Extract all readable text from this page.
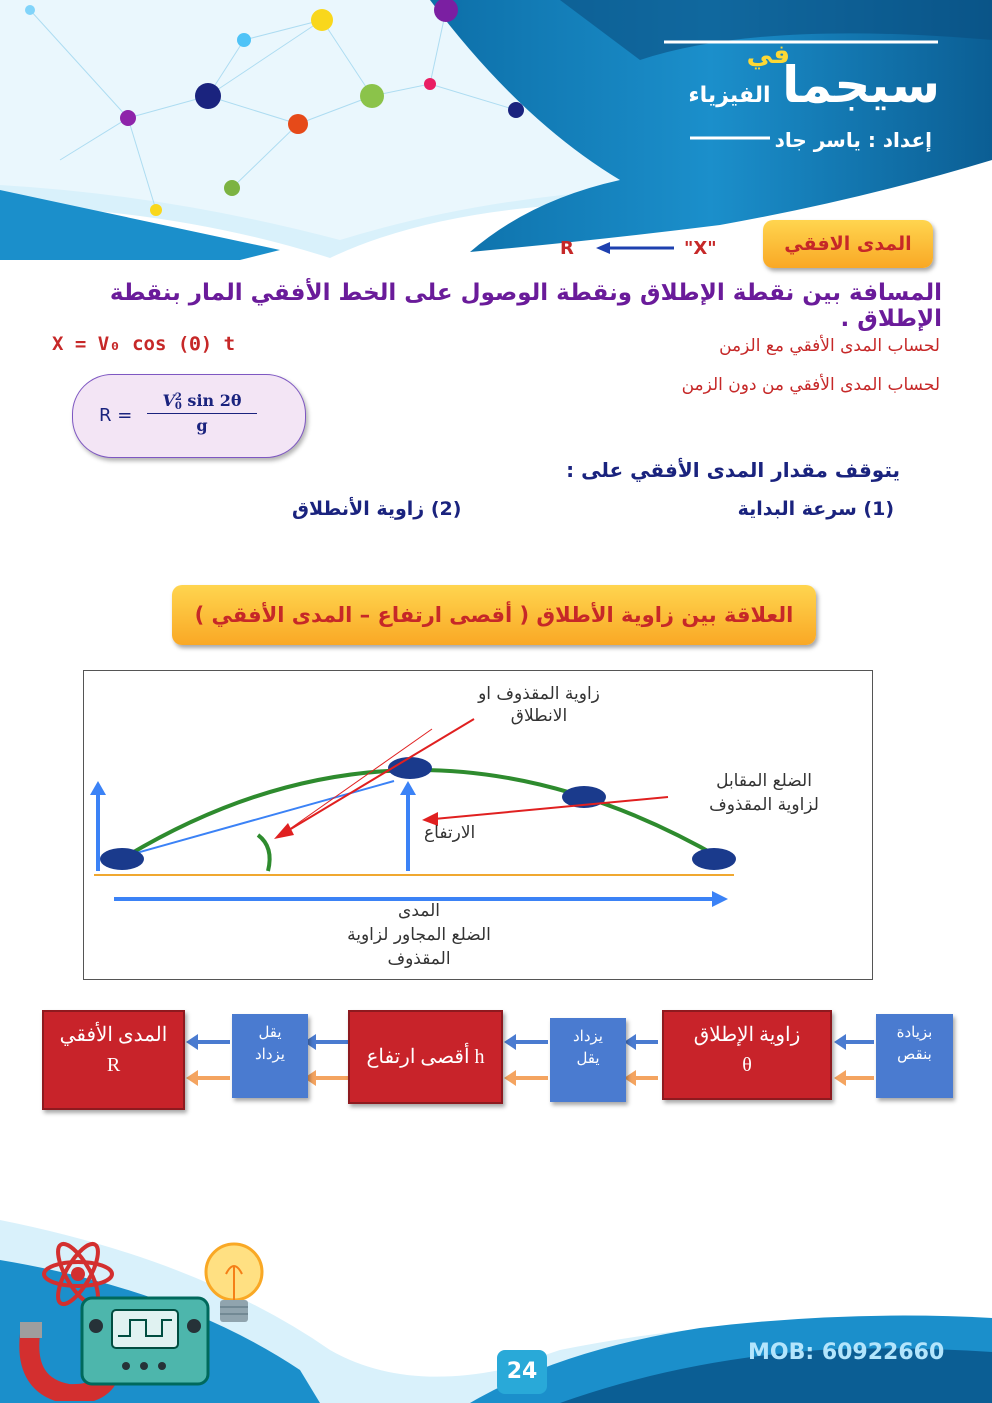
في
سيجما الفيزياء
إعداد : ياسر جاد
المدى الافقي
R	"X"
المسافة بين نقطة الإطلاق ونقطة الوصول على الخط الأفقي المار بنقطة الإطلاق .
X = V₀ cos (Θ) t	لحساب المدى الأفقي مع الزمن
لحساب المدى الأفقي من دون الزمن
R = V 2
0 sin 2θ
g
يتوقف مقدار المدى الأفقي على :
(1) سرعة البداية
(2) زاوية الأنطلاق
العلاقة بين زاوية الأطلاق ( أقصى ارتفاع – المدى الأفقي )
زاوية المقذوف او
الانطلاق
الضلع المقابل
لزاوية المقذوف
الارتفاع
المدى
الضلع المجاور لزاوية
المقذوف
المدى الأفقي
R
يقل
يزداد	أقصى ارتفاع h
يزداد
يقل
زاوية الإطلاق
θ
بزيادة
بنقص
24
MOB: 60922660
